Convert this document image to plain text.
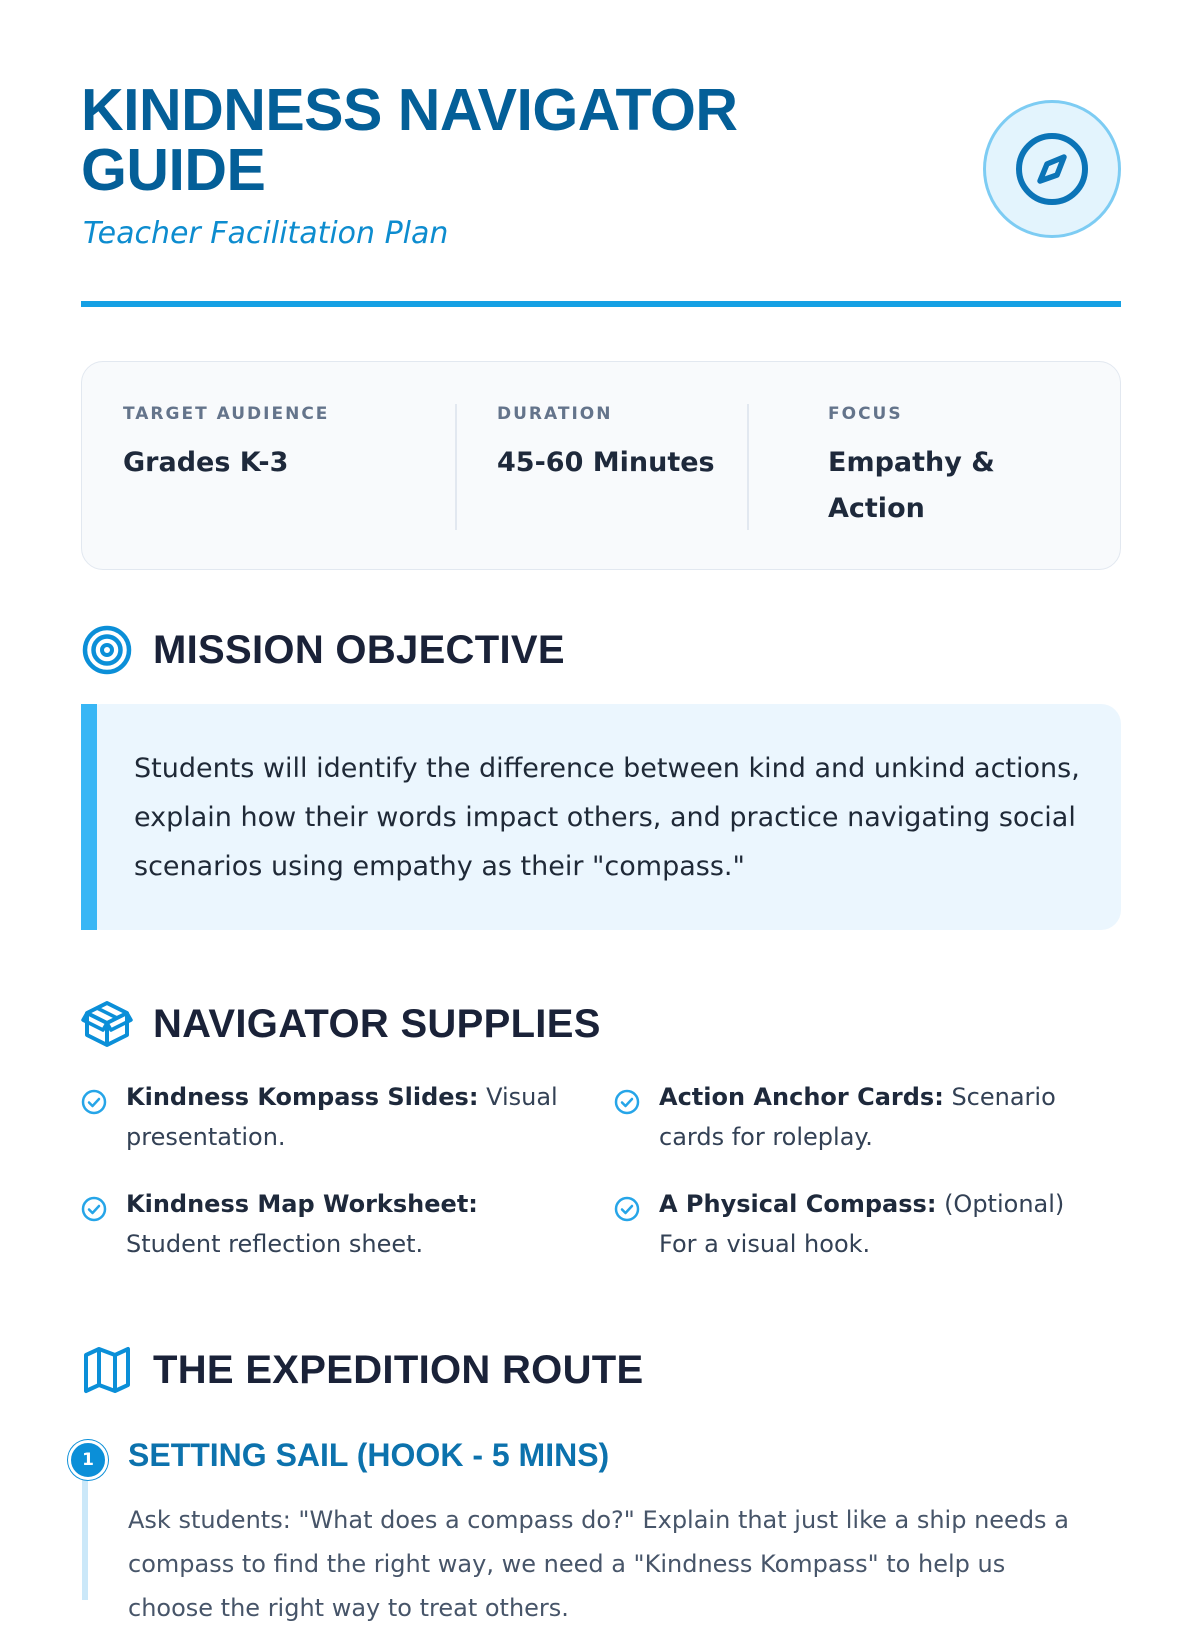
KINDNESS NAVIGATOR GUIDE
Teacher Facilitation Plan
TARGET AUDIENCE
Grades K-3
DURATION
45-60 Minutes
FOCUS
Empathy & Action
MISSION OBJECTIVE

Students will identify the difference between kind and unkind actions, explain how their words impact others, and practice navigating social scenarios using empathy as their "compass."

NAVIGATOR SUPPLIES
Kindness Kompass Slides: Visual presentation.
Action Anchor Cards: Scenario cards for roleplay.
Kindness Map Worksheet: Student reflection sheet.
A Physical Compass: (Optional) For a visual hook.
THE EXPEDITION ROUTE
1	SETTING SAIL (HOOK - 5 MINS)
Ask students: "What does a compass do?" Explain that just like a ship needs a compass to find the right way, we need a "Kindness Kompass" to help us choose the right way to treat others.
